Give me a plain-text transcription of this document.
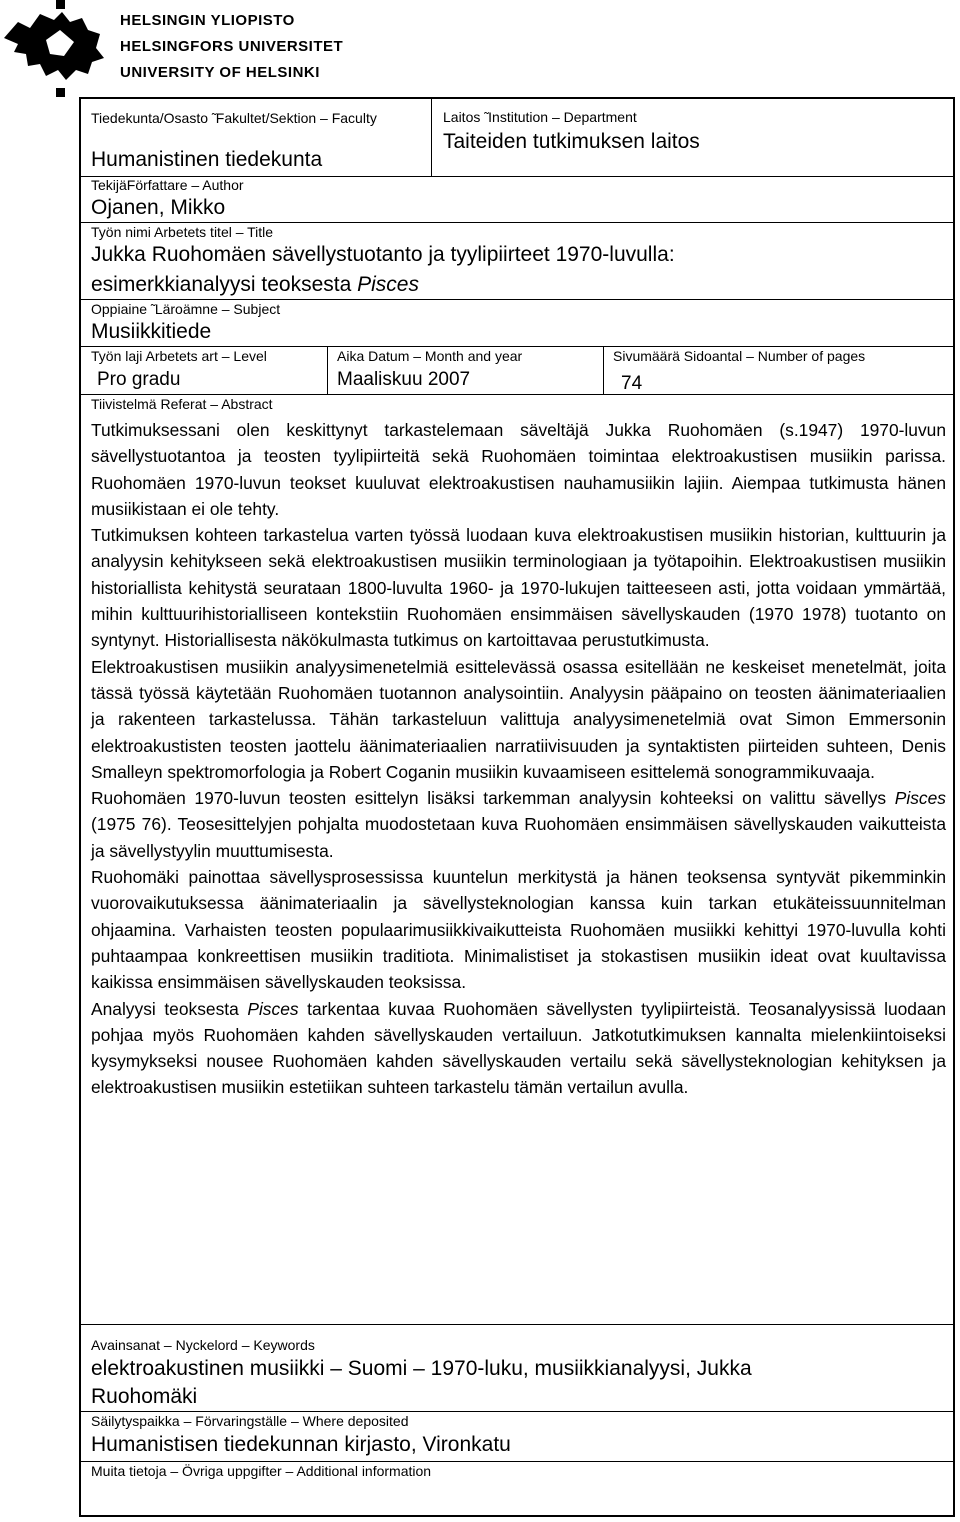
HELSINGIN YLIOPISTO
HELSINGFORS UNIVERSITET
UNIVERSITY OF HELSINKI
Tiedekunta/Osasto ̃ Fakultet/Sektion – Faculty
Humanistinen tiedekunta
Laitos ̃ Institution – Department
Taiteiden tutkimuksen laitos
TekijäFörfattare – Author
Ojanen, Mikko
Työn nimi Arbetets titel – Title
Jukka Ruohomäen sävellystuotanto ja tyylipiirteet 1970-luvulla:
esimerkkianalyysi teoksesta Pisces
Oppiaine ̃ Läroämne – Subject
Musiikkitiede
Työn laji Arbetets art – Level
Pro gradu
Aika Datum – Month and year
Maaliskuu 2007
Sivumäärä Sidoantal – Number of pages
74
Tiivistelmä Referat – Abstract

Tutkimuksessani olen keskittynyt tarkastelemaan säveltäjä Jukka Ruohomäen (s.1947) 1970-luvun sävellystuotantoa ja teosten tyylipiirteitä sekä Ruohomäen toimintaa elektroakustisen musiikin parissa. Ruohomäen 1970-luvun teokset kuuluvat elektroakustisen nauhamusiikin lajiin. Aiempaa tutkimusta hänen musiikistaan ei ole tehty.

Tutkimuksen kohteen tarkastelua varten työssä luodaan kuva elektroakustisen musiikin historian, kulttuurin ja analyysin kehitykseen sekä elektroakustisen musiikin terminologiaan ja työtapoihin. Elektroakustisen musiikin historiallista kehitystä seurataan 1800-luvulta 1960- ja 1970-lukujen taitteeseen asti, jotta voidaan ymmärtää, mihin kulttuurihistorialliseen kontekstiin Ruohomäen ensimmäisen sävellyskauden (1970 1978) tuotanto on syntynyt. Historiallisesta näkökulmasta tutkimus on kartoittavaa perustutkimusta.

Elektroakustisen musiikin analyysimenetelmiä esittelevässä osassa esitellään ne keskeiset menetelmät, joita tässä työssä käytetään Ruohomäen tuotannon analysointiin. Analyysin pääpaino on teosten äänimateriaalien ja rakenteen tarkastelussa. Tähän tarkasteluun valittuja analyysimenetelmiä ovat Simon Emmersonin elektroakustisten teosten jaottelu äänimateriaalien narratiivisuuden ja syntaktisten piirteiden suhteen, Denis Smalleyn spektromorfologia ja Robert Coganin musiikin kuvaamiseen esittelemä sonogrammikuvaaja.

Ruohomäen 1970-luvun teosten esittelyn lisäksi tarkemman analyysin kohteeksi on valittu sävellys Pisces (1975 76). Teosesittelyjen pohjalta muodostetaan kuva Ruohomäen ensimmäisen sävellyskauden vaikutteista ja sävellystyylin muuttumisesta.

Ruohomäki painottaa sävellysprosessissa kuuntelun merkitystä ja hänen teoksensa syntyvät pikemminkin vuorovaikutuksessa äänimateriaalin ja sävellysteknologian kanssa kuin tarkan etukäteissuunnitelman ohjaamina. Varhaisten teosten populaarimusiikkivaikutteista Ruohomäen musiikki kehittyi 1970-luvulla kohti puhtaampaa konkreettisen musiikin traditiota. Minimalistiset ja stokastisen musiikin ideat ovat kuultavissa kaikissa ensimmäisen sävellyskauden teoksissa.

Analyysi teoksesta Pisces tarkentaa kuvaa Ruohomäen sävellysten tyylipiirteistä. Teosanalyysissä luodaan pohjaa myös Ruohomäen kahden sävellyskauden vertailuun. Jatkotutkimuksen kannalta mielenkiintoiseksi kysymykseksi nousee Ruohomäen kahden sävellyskauden vertailu sekä sävellysteknologian kehityksen ja elektroakustisen musiikin estetiikan suhteen tarkastelu tämän vertailun avulla.

Avainsanat – Nyckelord – Keywords
elektroakustinen musiikki – Suomi – 1970-luku, musiikkianalyysi, Jukka
Ruohomäki
Säilytyspaikka – Förvaringställe – Where deposited
Humanistisen tiedekunnan kirjasto, Vironkatu
Muita tietoja – Övriga uppgifter – Additional information
